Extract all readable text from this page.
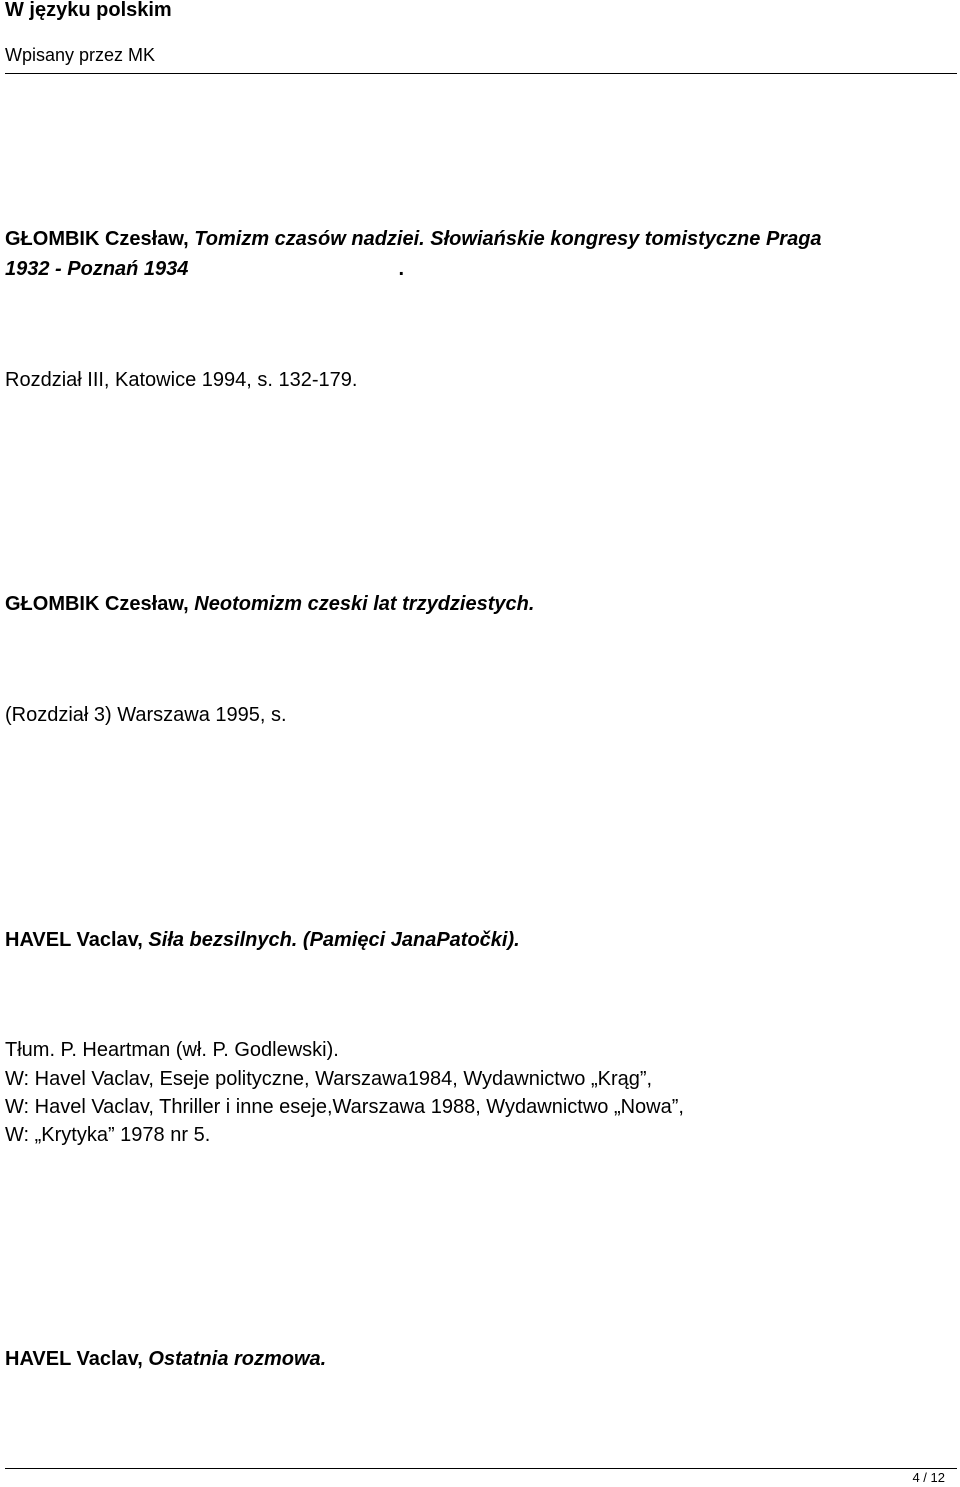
W języku polskim
Wpisany przez MK
GŁOMBIK Czesław, Tomizm czasów nadziei. Słowiańskie kongresy tomistyczne Praga
1932 - Poznań 1934	.
Rozdział III, Katowice 1994, s. 132-179.
GŁOMBIK Czesław, Neotomizm czeski lat trzydziestych.
(Rozdział 3) Warszawa 1995, s.
HAVEL Vaclav, Siła bezsilnych. (Pamięci JanaPatočki).
Tłum. P. Heartman (wł. P. Godlewski).
W: Havel Vaclav, Eseje polityczne, Warszawa1984, Wydawnictwo „Krąg”,
W: Havel Vaclav, Thriller i inne eseje,Warszawa 1988, Wydawnictwo „Nowa”,
W: „Krytyka” 1978 nr 5.
HAVEL Vaclav, Ostatnia rozmowa.
4 / 12
